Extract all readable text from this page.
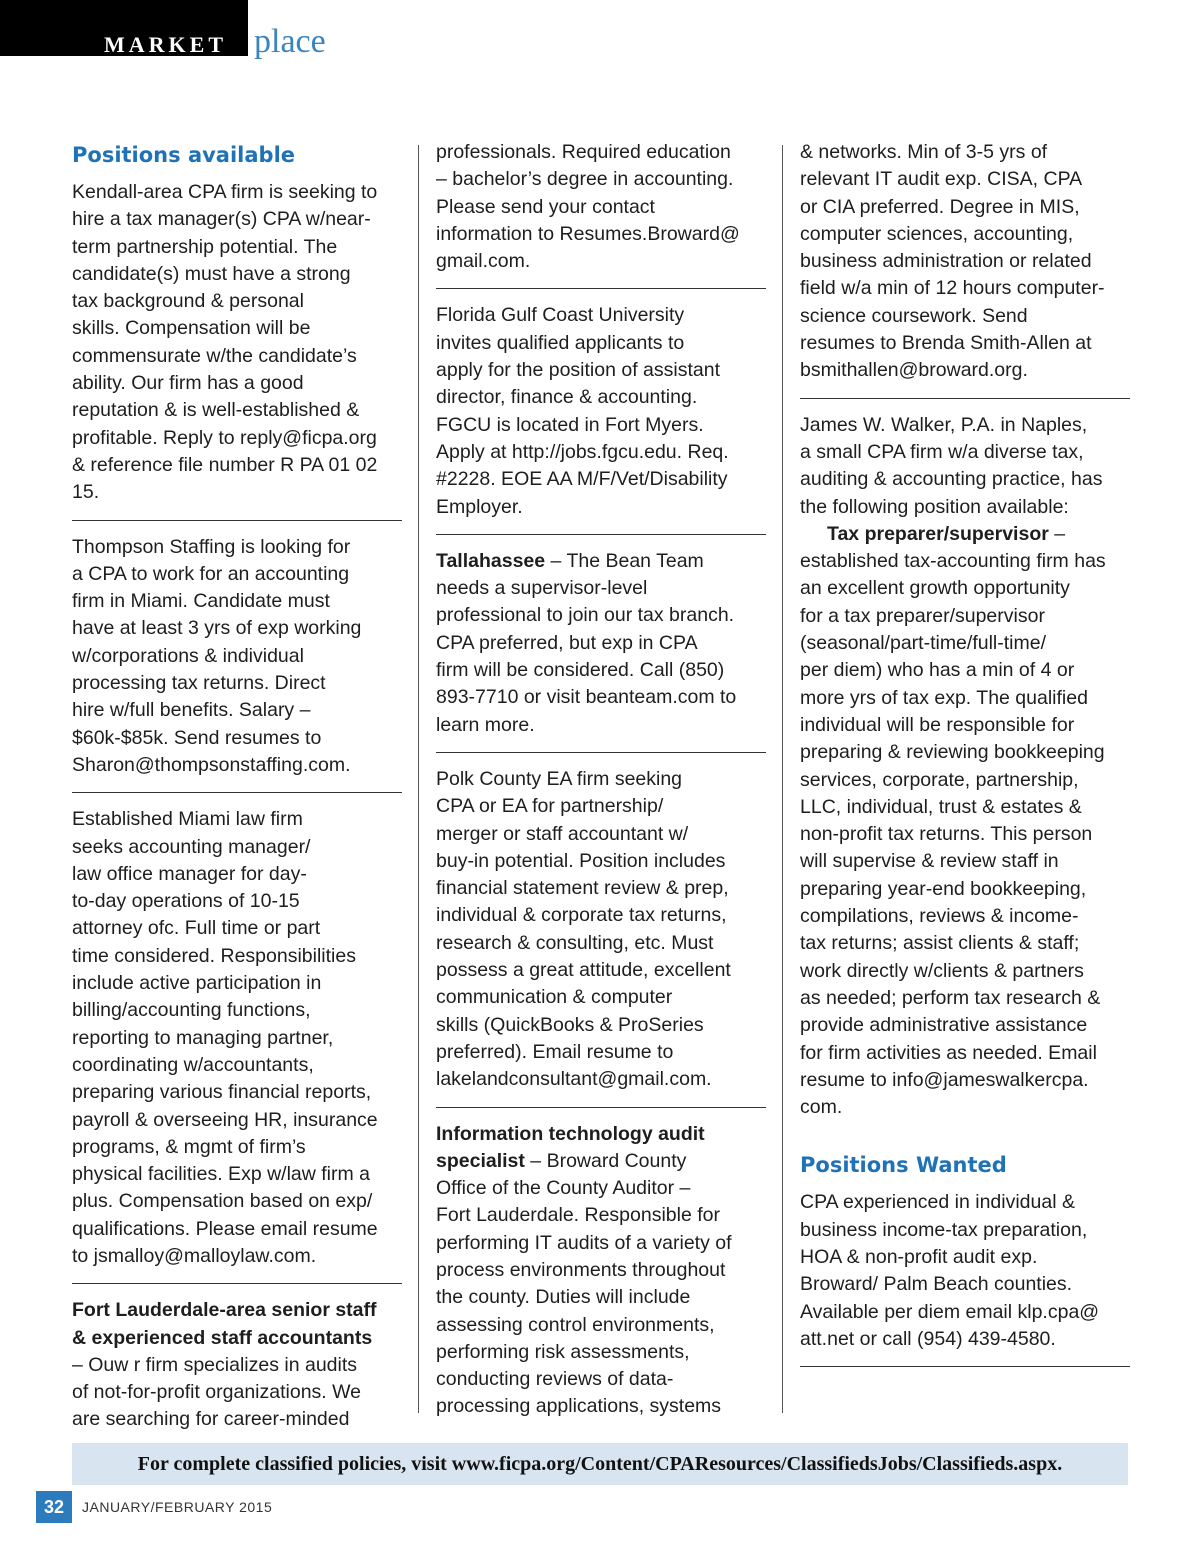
MARKET place
Positions available

Kendall-area CPA firm is seeking to
hire a tax manager(s) CPA w/near-
term partnership potential. The
candidate(s) must have a strong
tax background & personal
skills. Compensation will be
commensurate w/the candidate’s
ability. Our firm has a good
reputation & is well-established &
profitable. Reply to reply@ficpa.org
& reference file number R PA 01 02
15.

Thompson Staffing is looking for
a CPA to work for an accounting
firm in Miami. Candidate must
have at least 3 yrs of exp working
w/corporations & individual
processing tax returns. Direct
hire w/full benefits. Salary –
$60k-$85k. Send resumes to
Sharon@thompsonstaffing.com.

Established Miami law firm
seeks accounting manager/
law office manager for day-
to-day operations of 10-15
attorney ofc. Full time or part
time considered. Responsibilities
include active participation in
billing/accounting functions,
reporting to managing partner,
coordinating w/accountants,
preparing various financial reports,
payroll & overseeing HR, insurance
programs, & mgmt of firm’s
physical facilities. Exp w/law firm a
plus. Compensation based on exp/
qualifications. Please email resume
to jsmalloy@malloylaw.com.

Fort Lauderdale-area senior staff
& experienced staff accountants
– Ouw r firm specializes in audits
of not-for-profit organizations. We
are searching for career-minded

professionals. Required education
– bachelor’s degree in accounting.
Please send your contact
information to Resumes.Broward@
gmail.com.

Florida Gulf Coast University
invites qualified applicants to
apply for the position of assistant
director, finance & accounting.
FGCU is located in Fort Myers.
Apply at http://jobs.fgcu.edu. Req.
#2228. EOE AA M/F/Vet/Disability
Employer.

Tallahassee – The Bean Team
needs a supervisor-level
professional to join our tax branch.
CPA preferred, but exp in CPA
firm will be considered. Call (850)
893-7710 or visit beanteam.com to
learn more.

Polk County EA firm seeking
CPA or EA for partnership/
merger or staff accountant w/
buy-in potential. Position includes
financial statement review & prep,
individual & corporate tax returns,
research & consulting, etc. Must
possess a great attitude, excellent
communication & computer
skills (QuickBooks & ProSeries
preferred). Email resume to
lakelandconsultant@gmail.com.

Information technology audit
specialist – Broward County
Office of the County Auditor –
Fort Lauderdale. Responsible for
performing IT audits of a variety of
process environments throughout
the county. Duties will include
assessing control environments,
performing risk assessments,
conducting reviews of data-
processing applications, systems

& networks. Min of 3-5 yrs of
relevant IT audit exp. CISA, CPA
or CIA preferred. Degree in MIS,
computer sciences, accounting,
business administration or related
field w/a min of 12 hours computer-
science coursework. Send
resumes to Brenda Smith-Allen at
bsmithallen@broward.org.

James W. Walker, P.A. in Naples,
a small CPA firm w/a diverse tax,
auditing & accounting practice, has
the following position available:

Tax preparer/supervisor –
established tax-accounting firm has
an excellent growth opportunity
for a tax preparer/supervisor
(seasonal/part-time/full-time/
per diem) who has a min of 4 or
more yrs of tax exp. The qualified
individual will be responsible for
preparing & reviewing bookkeeping
services, corporate, partnership,
LLC, individual, trust & estates &
non-profit tax returns. This person
will supervise & review staff in
preparing year-end bookkeeping,
compilations, reviews & income-
tax returns; assist clients & staff;
work directly w/clients & partners
as needed; perform tax research &
provide administrative assistance
for firm activities as needed. Email
resume to info@jameswalkercpa.
com.

Positions Wanted

CPA experienced in individual &
business income-tax preparation,
HOA & non-profit audit exp.
Broward/ Palm Beach counties.
Available per diem email klp.cpa@
att.net or call (954) 439-4580.

For complete classified policies, visit www.ficpa.org/Content/CPAResources/ClassifiedsJobs/Classifieds.aspx.
32	JANUARY/FEBRUARY 2015
